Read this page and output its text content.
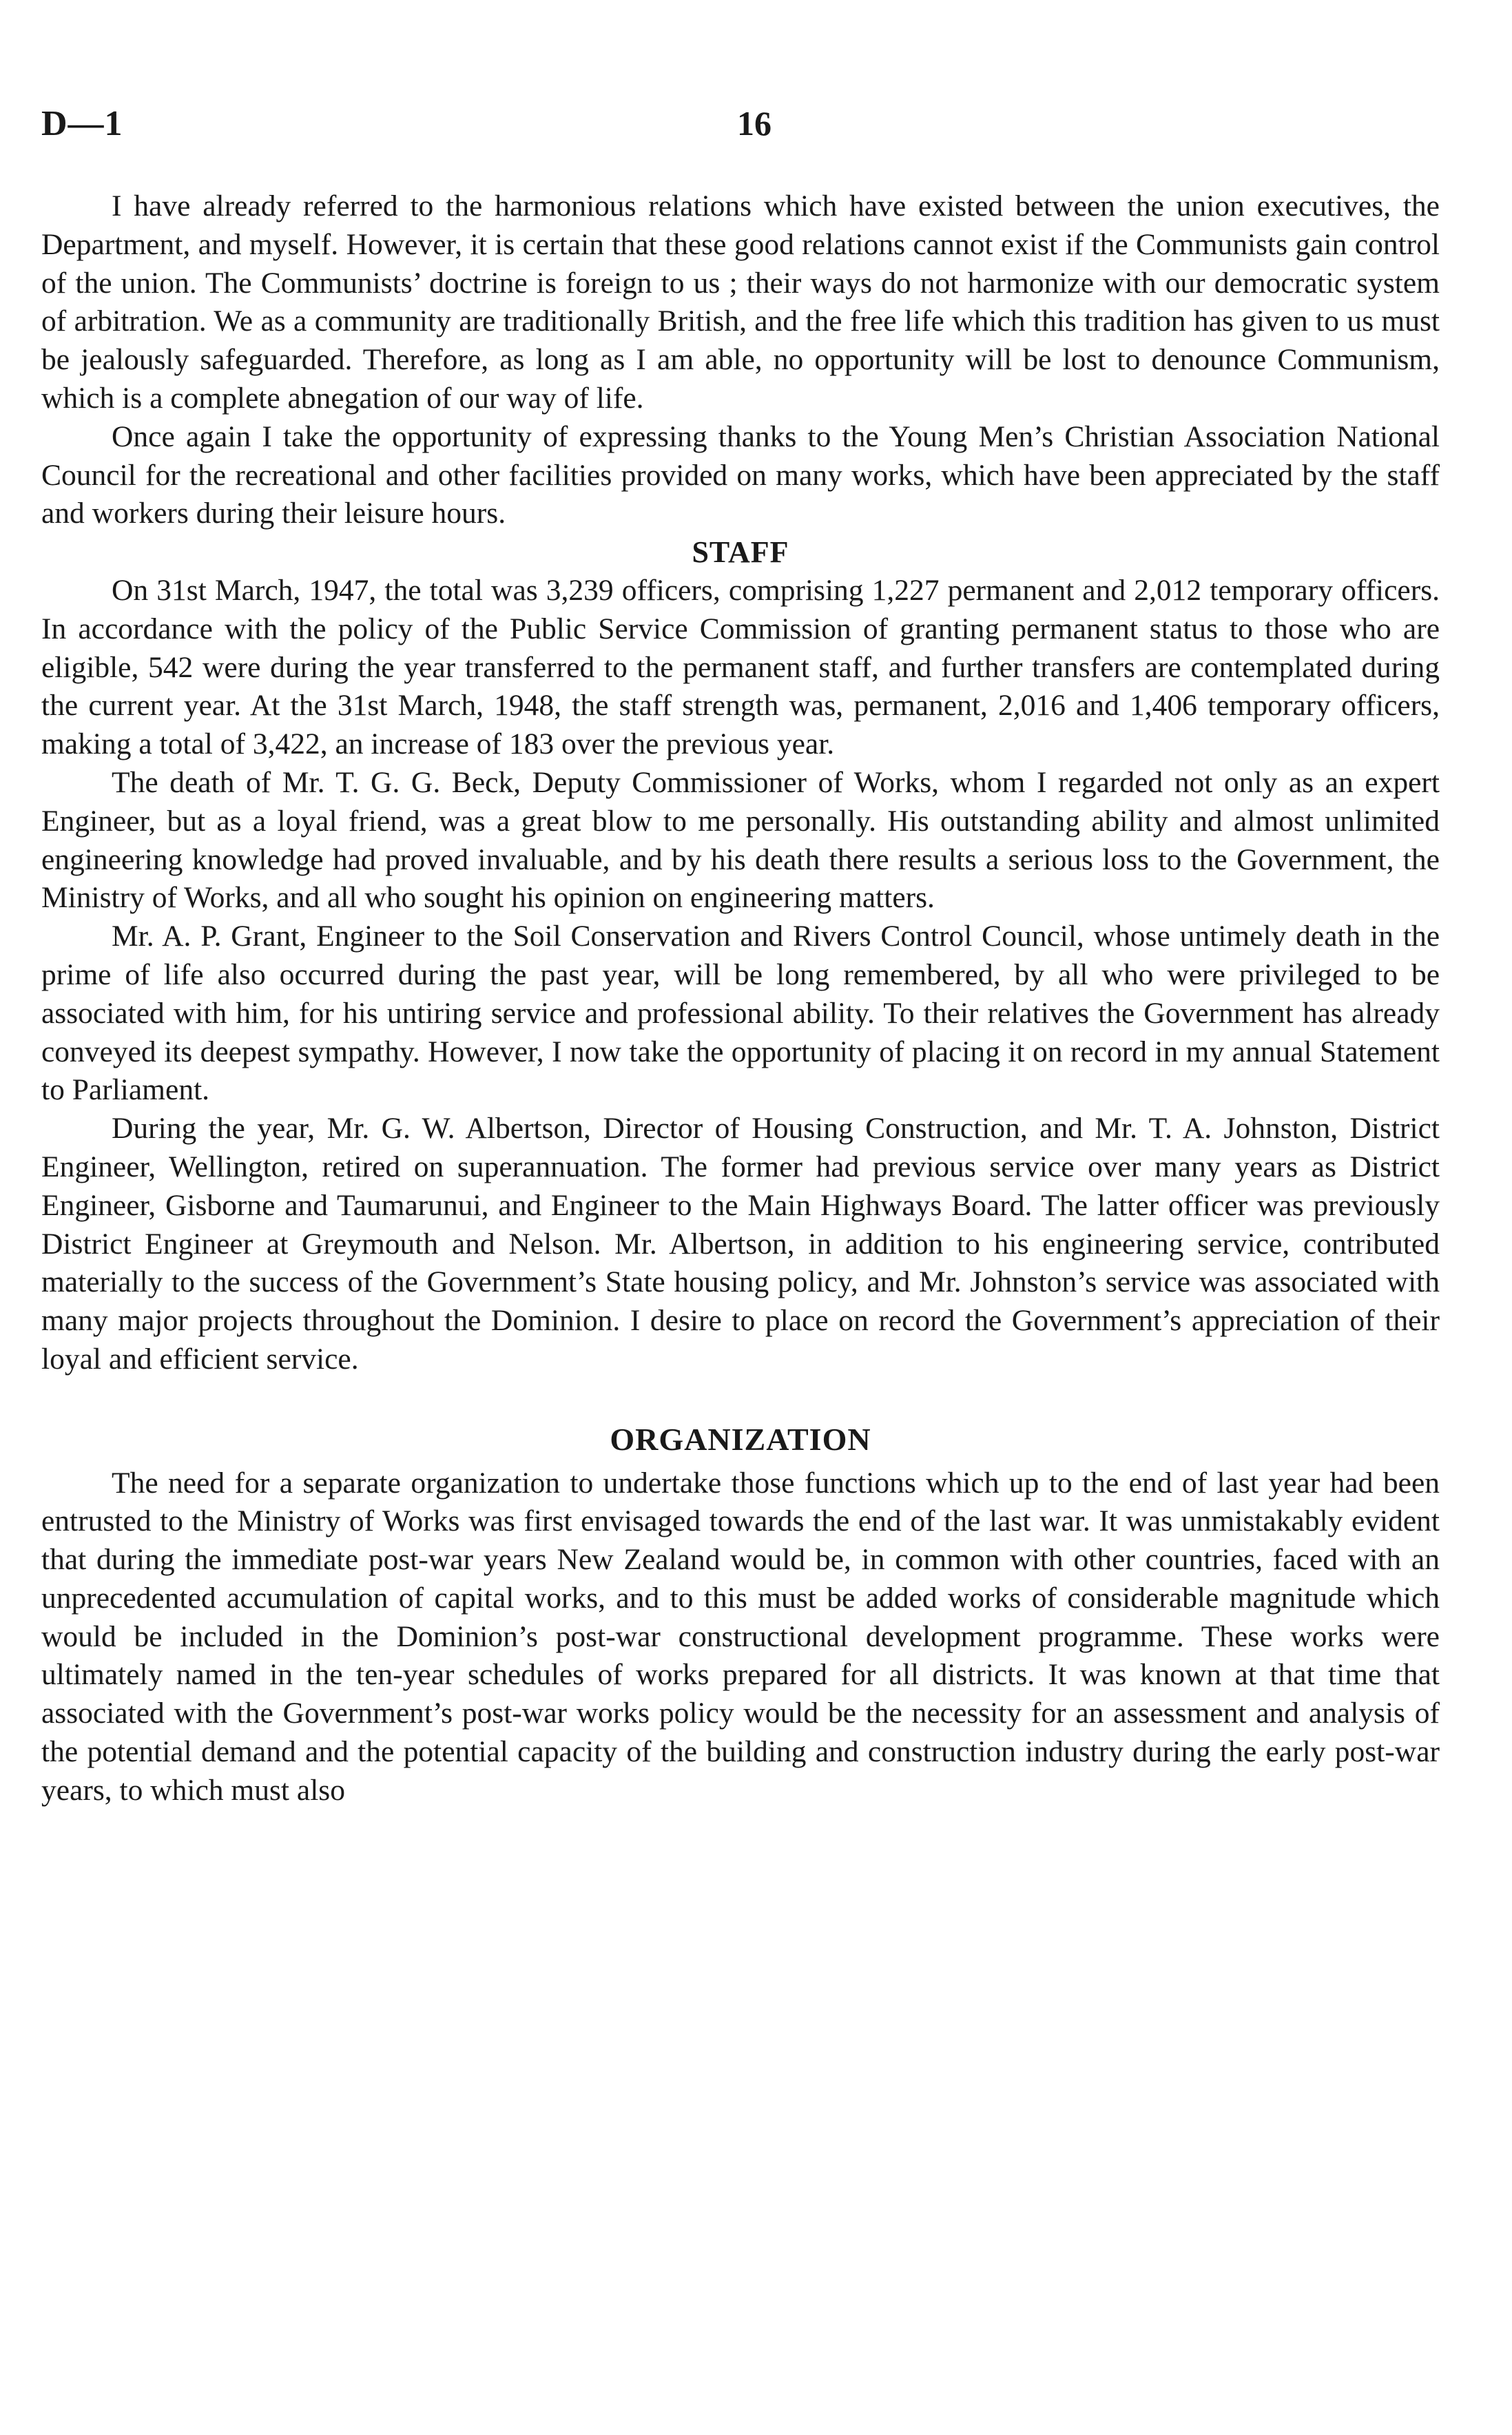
D—1	16

I have already referred to the harmonious relations which have existed between the union executives, the Department, and myself. However, it is certain that these good relations cannot exist if the Communists gain control of the union. The Communists’ doctrine is foreign to us ; their ways do not harmonize with our democratic system of arbitration. We as a community are traditionally British, and the free life which this tradition has given to us must be jealously safeguarded. Therefore, as long as I am able, no opportunity will be lost to denounce Communism, which is a complete abnegation of our way of life.

Once again I take the opportunity of expressing thanks to the Young Men’s Christian Association National Council for the recreational and other facilities provided on many works, which have been appreciated by the staff and workers during their leisure hours.

STAFF

On 31st March, 1947, the total was 3,239 officers, comprising 1,227 permanent and 2,012 temporary officers. In accordance with the policy of the Public Service Commission of granting permanent status to those who are eligible, 542 were during the year transferred to the permanent staff, and further transfers are contemplated during the current year. At the 31st March, 1948, the staff strength was, permanent, 2,016 and 1,406 temporary officers, making a total of 3,422, an increase of 183 over the previous year.

The death of Mr. T. G. G. Beck, Deputy Commissioner of Works, whom I regarded not only as an expert Engineer, but as a loyal friend, was a great blow to me personally. His outstanding ability and almost unlimited engineering knowledge had proved invaluable, and by his death there results a serious loss to the Government, the Ministry of Works, and all who sought his opinion on engineering matters.

Mr. A. P. Grant, Engineer to the Soil Conservation and Rivers Control Council, whose untimely death in the prime of life also occurred during the past year, will be long remembered, by all who were privileged to be associated with him, for his untiring service and professional ability. To their relatives the Government has already conveyed its deepest sympathy. However, I now take the opportunity of placing it on record in my annual Statement to Parliament.

During the year, Mr. G. W. Albertson, Director of Housing Construction, and Mr. T. A. Johnston, District Engineer, Wellington, retired on superannuation. The former had previous service over many years as District Engineer, Gisborne and Taumarunui, and Engineer to the Main Highways Board. The latter officer was previously District Engineer at Greymouth and Nelson. Mr. Albertson, in addition to his engineering service, contributed materially to the success of the Government’s State housing policy, and Mr. Johnston’s service was associated with many major projects throughout the Dominion. I desire to place on record the Government’s appreciation of their loyal and efficient service.

ORGANIZATION

The need for a separate organization to undertake those functions which up to the end of last year had been entrusted to the Ministry of Works was first envisaged towards the end of the last war. It was unmistakably evident that during the immediate post-war years New Zealand would be, in common with other countries, faced with an unprecedented accumulation of capital works, and to this must be added works of considerable magnitude which would be included in the Dominion’s post-war constructional development programme. These works were ultimately named in the ten-year schedules of works prepared for all districts. It was known at that time that associated with the Government’s post-war works policy would be the necessity for an assessment and analysis of the potential demand and the potential capacity of the building and construction industry during the early post-war years, to which must also
